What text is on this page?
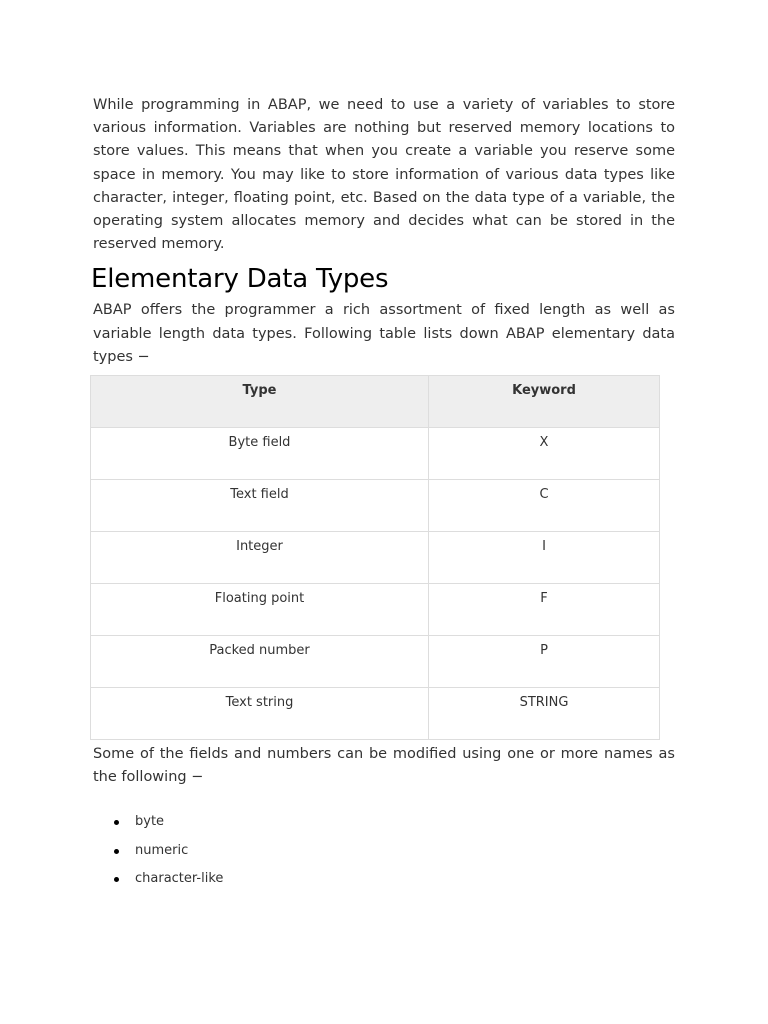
While programming in ABAP, we need to use a variety of variables to store various information. Variables are nothing but reserved memory locations to store values. This means that when you create a variable you reserve some space in memory. You may like to store information of various data types like character, integer, floating point, etc. Based on the data type of a variable, the operating system allocates memory and decides what can be stored in the reserved memory.

Elementary Data Types

ABAP offers the programmer a rich assortment of fixed length as well as variable length data types. Following table lists down ABAP elementary data types −

Type	Keyword
Byte field	X
Text field	C
Integer	I
Floating point	F
Packed number	P
Text string	STRING

Some of the fields and numbers can be modified using one or more names as the following −

byte
numeric
character-like
